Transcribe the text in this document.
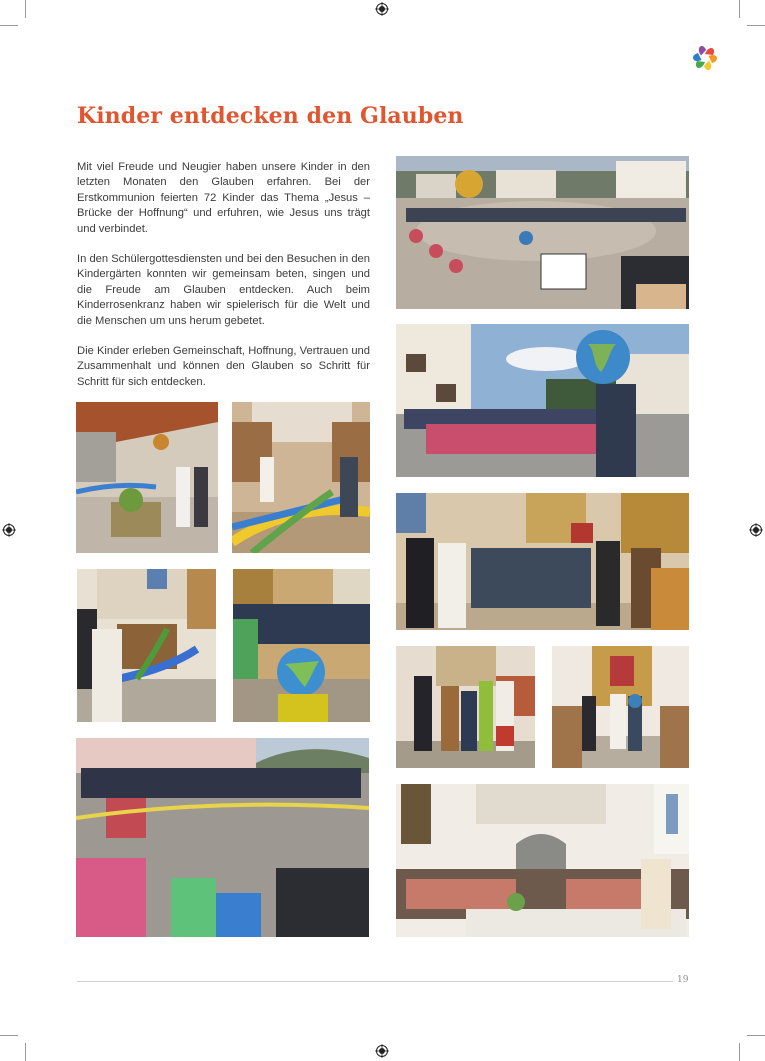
Kinder entdecken den Glauben

Mit viel Freude und Neugier haben unsere Kinder in den letzten Monaten den Glauben erfahren. Bei der Erstkommunion feierten 72 Kinder das Thema „Jesus – Brücke der Hoffnung“ und erfuhren, wie Jesus uns trägt und verbindet.

In den Schülergottesdiensten und bei den Besuchen in den Kindergärten konnten wir gemeinsam beten, singen und die Freude am Glauben entdecken. Auch beim Kinderrosenkranz haben wir spielerisch für die Welt und die Menschen um uns herum gebetet.

Die Kinder erleben Gemeinschaft, Hoffnung, Vertrauen und Zusammenhalt und können den Glauben so Schritt für Schritt für sich entdecken.

19
